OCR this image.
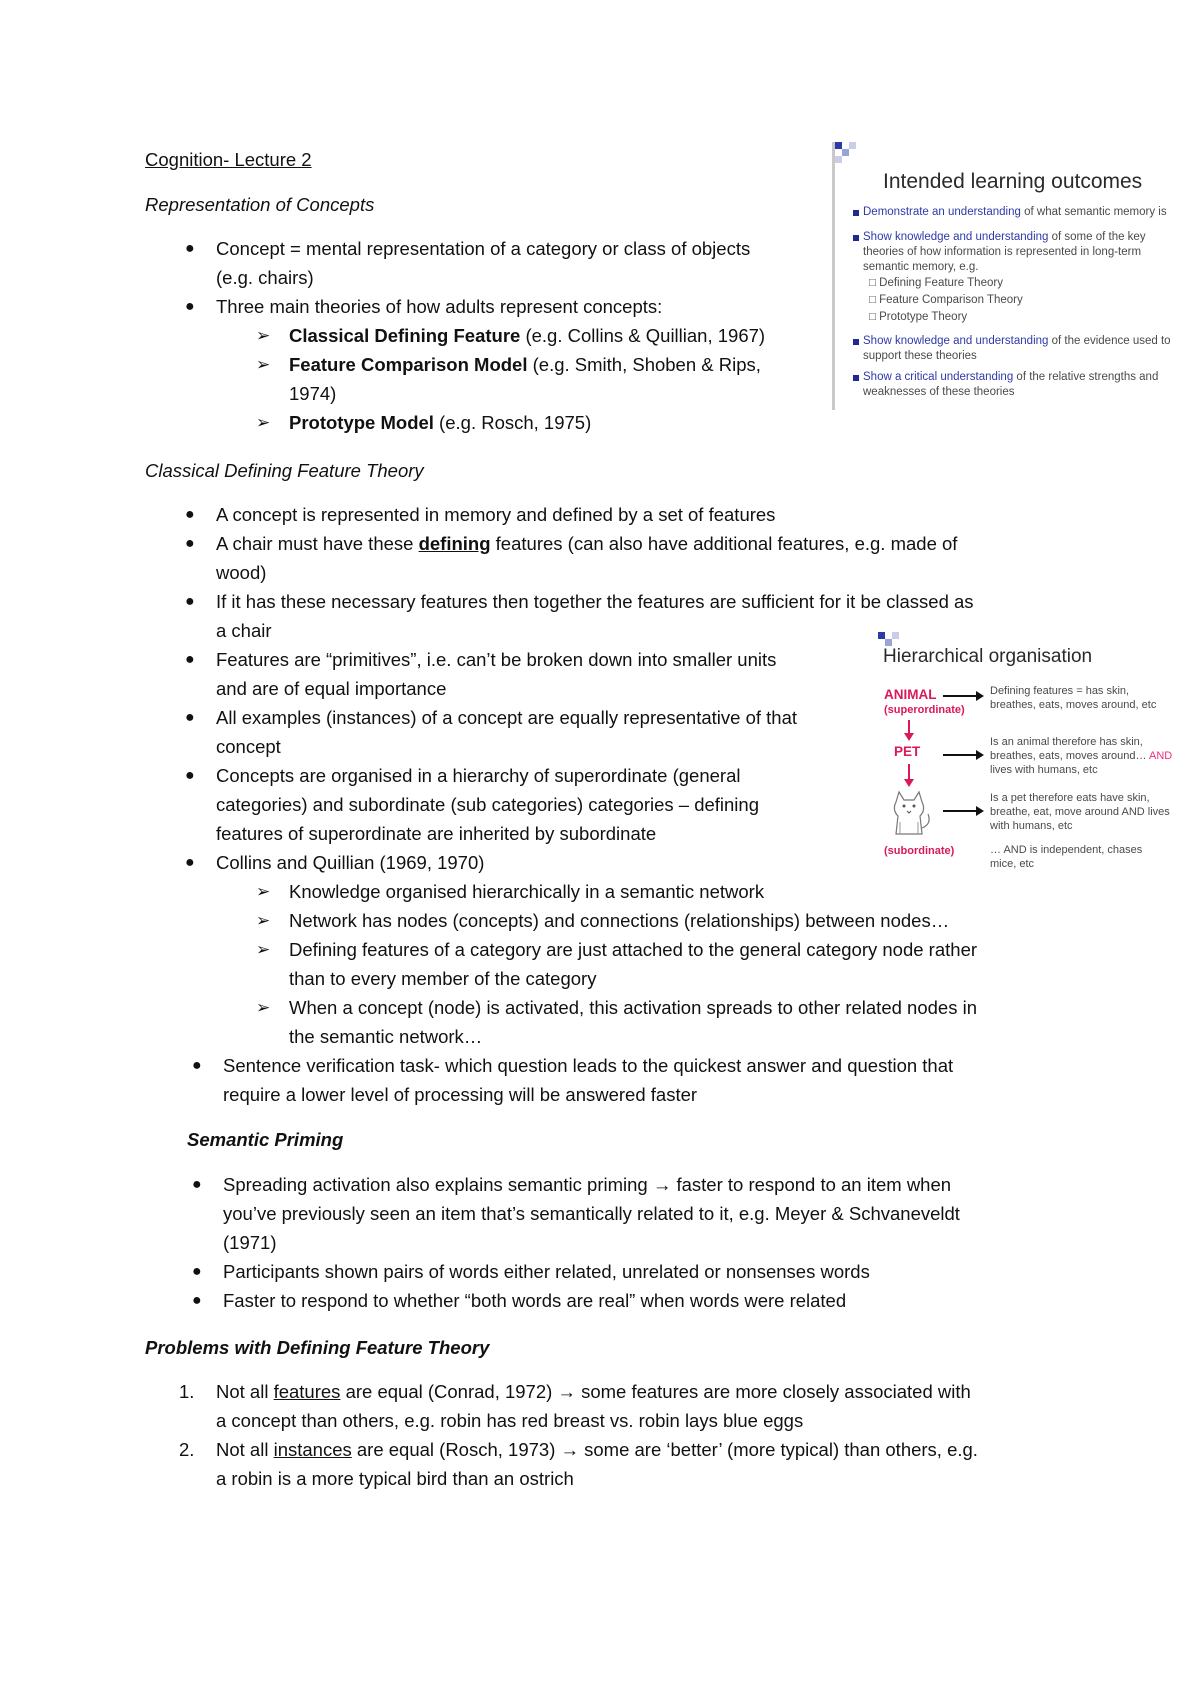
Cognition- Lecture 2
Representation of Concepts
● Concept = mental representation of a category or class of objects
(e.g. chairs)
● Three main theories of how adults represent concepts:
➢ Classical Defining Feature (e.g. Collins & Quillian, 1967)
➢ Feature Comparison Model (e.g. Smith, Shoben & Rips,
1974)
➢ Prototype Model (e.g. Rosch, 1975)
Classical Defining Feature Theory
● A concept is represented in memory and defined by a set of features
● A chair must have these defining features (can also have additional features, e.g. made of
wood)
● If it has these necessary features then together the features are sufficient for it be classed as
a chair
● Features are “primitives”, i.e. can’t be broken down into smaller units
and are of equal importance
● All examples (instances) of a concept are equally representative of that
concept
● Concepts are organised in a hierarchy of superordinate (general
categories) and subordinate (sub categories) categories – defining
features of superordinate are inherited by subordinate
● Collins and Quillian (1969, 1970)
➢ Knowledge organised hierarchically in a semantic network
➢ Network has nodes (concepts) and connections (relationships) between nodes…
➢ Defining features of a category are just attached to the general category node rather
than to every member of the category
➢ When a concept (node) is activated, this activation spreads to other related nodes in
the semantic network…
● Sentence verification task- which question leads to the quickest answer and question that
require a lower level of processing will be answered faster
Semantic Priming
● Spreading activation also explains semantic priming → faster to respond to an item when
you’ve previously seen an item that’s semantically related to it, e.g. Meyer & Schvaneveldt
(1971)
● Participants shown pairs of words either related, unrelated or nonsenses words
● Faster to respond to whether “both words are real” when words were related
Problems with Defining Feature Theory
1. Not all features are equal (Conrad, 1972) → some features are more closely associated with
a concept than others, e.g. robin has red breast vs. robin lays blue eggs
2. Not all instances are equal (Rosch, 1973) → some are ‘better’ (more typical) than others, e.g.
a robin is a more typical bird than an ostrich
Intended learning outcomes
Demonstrate an understanding of what semantic memory is
Show knowledge and understanding of some of the key
theories of how information is represented in long-term
semantic memory, e.g.
□ Defining Feature Theory
□ Feature Comparison Theory
□ Prototype Theory
Show knowledge and understanding of the evidence used to
support these theories
Show a critical understanding of the relative strengths and
weaknesses of these theories
Hierarchical organisation
ANIMAL
(superordinate)
PET
(subordinate)
Defining features = has skin,
breathes, eats, moves around, etc
Is an animal therefore has skin,
breathes, eats, moves around… AND
lives with humans, etc
Is a pet therefore eats have skin,
breathe, eat, move around AND lives
with humans, etc
… AND is independent, chases
mice, etc
